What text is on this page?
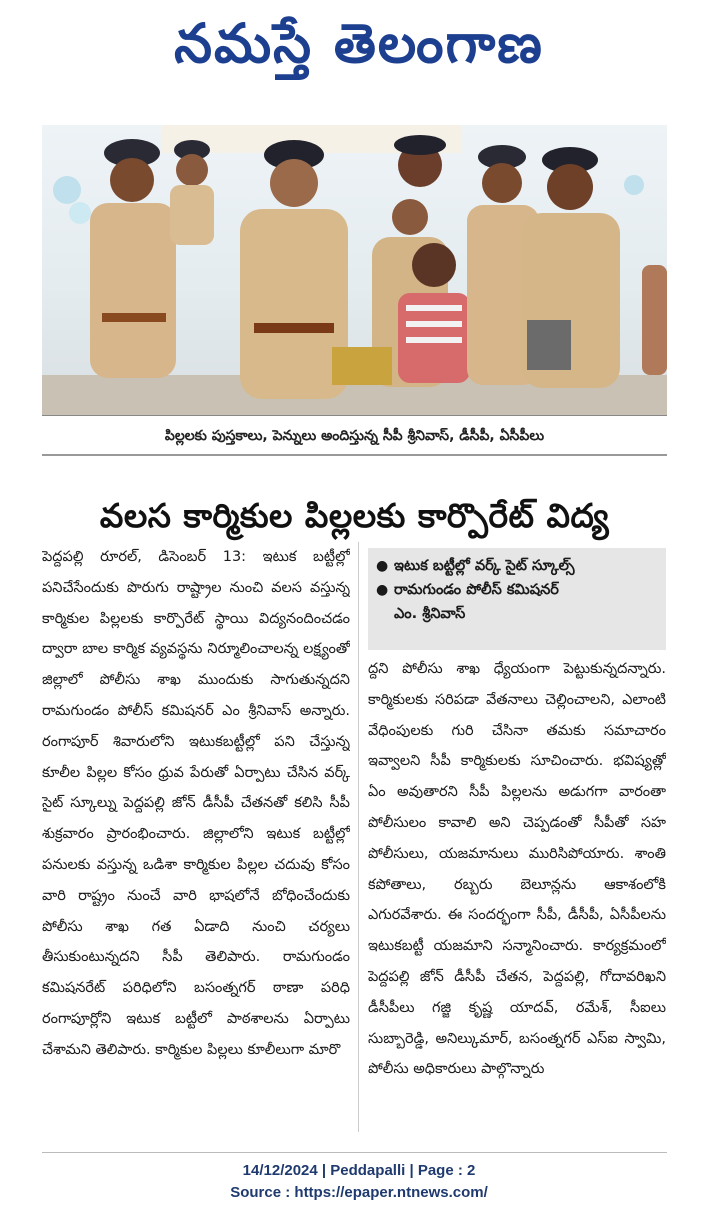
నమస్తే తెలంగాణ
పిల్లలకు పుస్తకాలు, పెన్నులు అందిస్తున్న సీపీ శ్రీనివాస్, డీసీపీ, ఏసీపీలు
వలస కార్మికుల పిల్లలకు కార్పొరేట్ విద్య
పెద్దపల్లి రూరల్, డిసెంబర్ 13: ఇటుక బట్టీల్లో పనిచేసేందుకు పొరుగు రాష్ట్రాల నుంచి వలస వస్తున్న కార్మికుల పిల్లలకు కార్పొరేట్ స్థాయి విద్యనందించడం ద్వారా బాల కార్మిక వ్యవస్థను నిర్మూలించాలన్న లక్ష్యంతో జిల్లాలో పోలీసు శాఖ ముందుకు సాగుతున్నదని రామగుండం పోలీస్ కమిషనర్ ఎం శ్రీనివాస్ అన్నారు. రంగాపూర్ శివారులోని ఇటుకబట్టీల్లో పని చేస్తున్న కూలీల పిల్లల కోసం ధ్రువ పేరుతో ఏర్పాటు చేసిన వర్క్ సైట్ స్కూల్ను పెద్దపల్లి జోన్ డీసీపీ చేతనతో కలిసి సీపీ శుక్రవారం ప్రారంభించారు. జిల్లాలోని ఇటుక బట్టీల్లో పనులకు వస్తున్న ఒడిశా కార్మికుల పిల్లల చదువు కోసం వారి రాష్ట్రం నుంచే వారి భాషలోనే బోధించేందుకు పోలీసు శాఖ గత ఏడాది నుంచి చర్యలు తీసుకుంటున్నదని సీపీ తెలిపారు. రామగుండం కమిషనరేట్ పరిధిలోని బసంత్నగర్ ఠాణా పరిధి రంగాపూర్లోని ఇటుక బట్టీలో పాఠశాలను ఏర్పాటు చేశామని తెలిపారు. కార్మికుల పిల్లలు కూలీలుగా మారొ
● ఇటుక బట్టీల్లో వర్క్ సైట్ స్కూల్స్
● రామగుండం పోలీస్ కమిషనర్
ఎం. శ్రీనివాస్
ద్దని పోలీసు శాఖ ధ్యేయంగా పెట్టుకున్నదన్నారు. కార్మికులకు సరిపడా వేతనాలు చెల్లించాలని, ఎలాంటి వేధింపులకు గురి చేసినా తమకు సమాచారం ఇవ్వాలని సీపీ కార్మికులకు సూచించారు. భవిష్యత్లో ఏం అవుతారని సీపీ పిల్లలను అడుగగా వారంతా పోలీసులం కావాలి అని చెప్పడంతో సీపీతో సహ పోలీసులు, యజమానులు మురిసిపోయారు. శాంతి కపోతాలు, రబ్బరు బెలూన్లను ఆకాశంలోకి ఎగురవేశారు. ఈ సందర్భంగా సీపీ, డీసీపీ, ఏసీపీలను ఇటుకబట్టీ యజమాని సన్మానించారు. కార్యక్రమంలో పెద్దపల్లి జోన్ డీసీపీ చేతన, పెద్దపల్లి, గోదావరిఖని డీసీపీలు గజ్జి కృష్ణ యాదవ్, రమేశ్, సీఐలు సుబ్బారెడ్డి, అనిల్కుమార్, బసంత్నగర్ ఎస్ఐ స్వామి, పోలీసు అధికారులు పాల్గొన్నారు
14/12/2024 | Peddapalli | Page : 2
Source : https://epaper.ntnews.com/
